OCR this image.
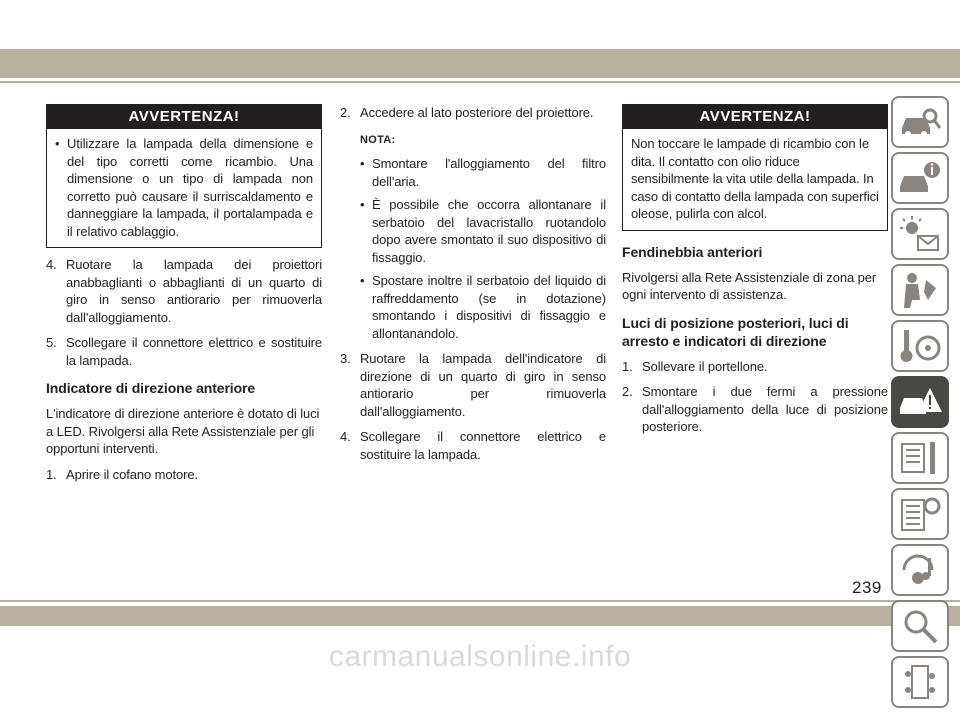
AVVERTENZA!
• Utilizzare la lampada della dimensione e del tipo corretti come ricambio. Una dimensione o un tipo di lampada non corretto può causare il surriscaldamento e danneggiare la lampada, il portalampada e il relativo cablaggio.
4. Ruotare la lampada dei proiettori anabbaglianti o abbaglianti di un quarto di giro in senso antiorario per rimuoverla dall'alloggiamento.
5. Scollegare il connettore elettrico e sostituire la lampada.
Indicatore di direzione anteriore

L'indicatore di direzione anteriore è dotato di luci a LED. Rivolgersi alla Rete Assistenziale per gli opportuni interventi.

1. Aprire il cofano motore.
2. Accedere al lato posteriore del proiettore.
NOTA:
• Smontare l'alloggiamento del filtro dell'aria.
• È possibile che occorra allontanare il serbatoio del lavacristallo ruotandolo dopo avere smontato il suo dispositivo di fissaggio.
• Spostare inoltre il serbatoio del liquido di raffreddamento (se in dotazione) smontando i dispositivi di fissaggio e allontanandolo.
3. Ruotare la lampada dell'indicatore di direzione di un quarto di giro in senso antiorario per rimuoverla dall'alloggiamento.
4. Scollegare il connettore elettrico e sostituire la lampada.
AVVERTENZA!
Non toccare le lampade di ricambio con le dita. Il contatto con olio riduce sensibilmente la vita utile della lampada. In caso di contatto della lampada con superfici oleose, pulirla con alcol.
Fendinebbia anteriori

Rivolgersi alla Rete Assistenziale di zona per ogni intervento di assistenza.

Luci di posizione posteriori, luci di arresto e indicatori di direzione
1. Sollevare il portellone.
2. Smontare i due fermi a pressione dall'alloggiamento della luce di posizione posteriore.
239
carmanualsonline.info
